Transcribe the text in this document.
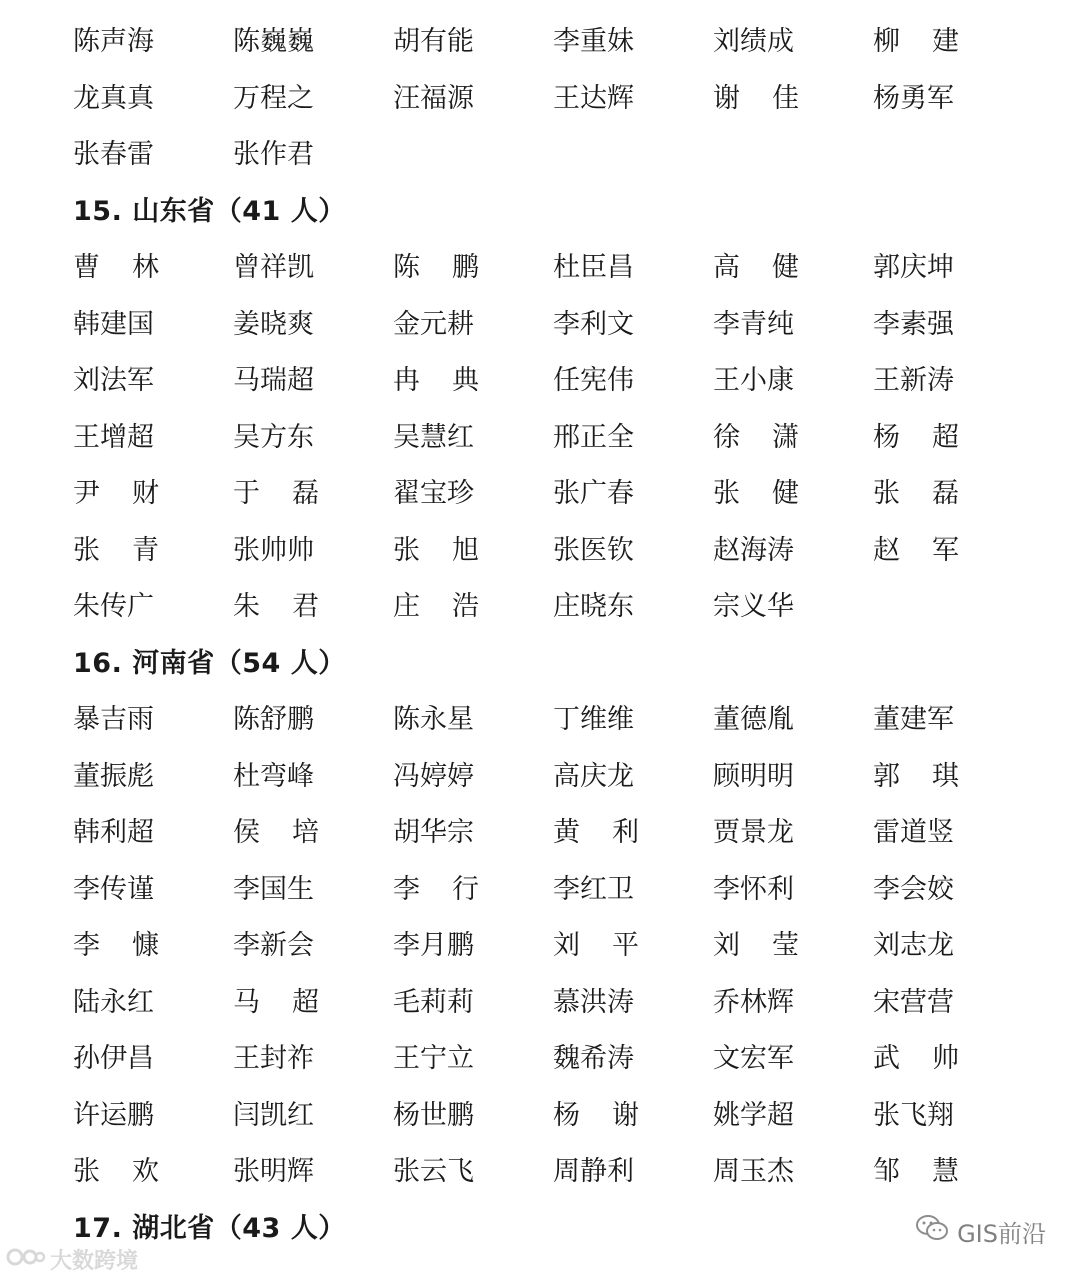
陈声海	陈巍巍	胡有能	李重妹	刘绩成	柳 建
龙真真	万程之	汪福源	王达辉	谢 佳	杨勇军
张春雷	张作君
15. 山东省（41 人）
曹 林	曾祥凯	陈 鹏	杜臣昌	高 健	郭庆坤
韩建国	姜晓爽	金元耕	李利文	李青纯	李素强
刘法军	马瑞超	冉 典	任宪伟	王小康	王新涛
王增超	吴方东	吴慧红	邢正全	徐 潇	杨 超
尹 财	于 磊	翟宝珍	张广春	张 健	张 磊
张 青	张帅帅	张 旭	张医钦	赵海涛	赵 军
朱传广	朱 君	庄 浩	庄晓东	宗义华
16. 河南省（54 人）
暴吉雨	陈舒鹏	陈永星	丁维维	董德胤	董建军
董振彪	杜弯峰	冯婷婷	高庆龙	顾明明	郭 琪
韩利超	侯 培	胡华宗	黄 利	贾景龙	雷道竖
李传谨	李国生	李 行	李红卫	李怀利	李会姣
李 慷	李新会	李月鹏	刘 平	刘 莹	刘志龙
陆永红	马 超	毛莉莉	慕洪涛	乔林辉	宋营营
孙伊昌	王封祚	王宁立	魏希涛	文宏军	武 帅
许运鹏	闫凯红	杨世鹏	杨 谢	姚学超	张飞翔
张 欢	张明辉	张云飞	周静利	周玉杰	邹 慧
17. 湖北省（43 人）	GIS前沿
大数跨境
